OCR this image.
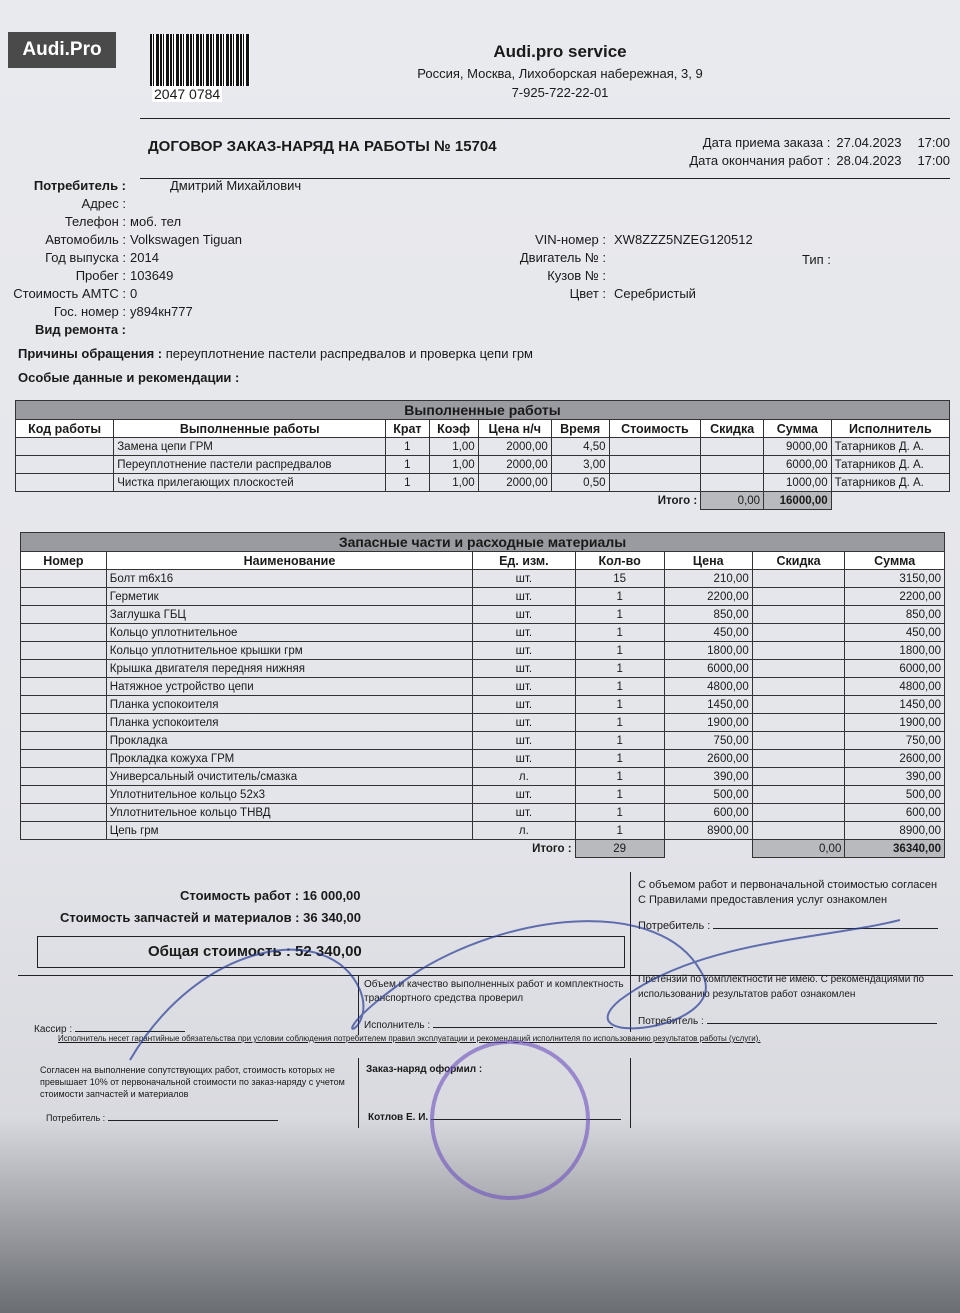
Audi.Pro
2047 0784
Audi.pro service
Россия, Москва, Лихоборская набережная, 3, 9
7-925-722-22-01
ДОГОВОР ЗАКАЗ-НАРЯД НА РАБОТЫ № 15704	Дата приема заказа : 27.04.2023 17:00
Дата окончания работ : 28.04.2023 17:00
Потребитель :	Дмитрий Михайлович
Адрес :
Телефон : моб. тел
Автомобиль : Volkswagen Tiguan
Год выпуска : 2014
Пробег : 103649
Стоимость АМТС : 0
Гос. номер : у894кн777
Вид ремонта :
VIN-номер : XW8ZZZ5NZEG120512
Двигатель № :
Кузов № :
Цвет : Серебристый
Тип :
Причины обращения : переуплотнение пастели распредвалов и проверка цепи грм
Особые данные и рекомендации :
Выполненные работы									
Код работы	Выполненные работы	Крат	Коэф	Цена н/ч	Время	Стоимость	Скидка	Сумма	Исполнитель
	Замена цепи ГРМ	1	1,00	2000,00	4,50			9000,00	Татарников Д. А.
	Переуплотнение пастели распредвалов	1	1,00	2000,00	3,00			6000,00	Татарников Д. А.
	Чистка прилегающих плоскостей	1	1,00	2000,00	0,50			1000,00	Татарников Д. А.
Итого :							0,00	16000,00	
Запасные части и расходные материалы						
Номер	Наименование	Ед. изм.	Кол-во	Цена	Скидка	Сумма
	Болт m6x16	шт.	15	210,00		3150,00
	Герметик	шт.	1	2200,00		2200,00
	Заглушка ГБЦ	шт.	1	850,00		850,00
	Кольцо уплотнительное	шт.	1	450,00		450,00
	Кольцо уплотнительное крышки грм	шт.	1	1800,00		1800,00
	Крышка двигателя передняя нижняя	шт.	1	6000,00		6000,00
	Натяжное устройство цепи	шт.	1	4800,00		4800,00
	Планка успокоителя	шт.	1	1450,00		1450,00
	Планка успокоителя	шт.	1	1900,00		1900,00
	Прокладка	шт.	1	750,00		750,00
	Прокладка кожуха ГРМ	шт.	1	2600,00		2600,00
	Универсальный очиститель/смазка	л.	1	390,00		390,00
	Уплотнительное кольцо 52x3	шт.	1	500,00		500,00
	Уплотнительное кольцо ТНВД	шт.	1	600,00		600,00
	Цепь грм	л.	1	8900,00		8900,00
Итого :			29		0,00	36340,00
Стоимость работ : 16 000,00
Стоимость запчастей и материалов : 36 340,00
Общая стоимость : 52 340,00
С объемом работ и первоначальной стоимостью согласен
С Правилами предоставления услуг ознакомлен
Потребитель :
Объем и качество выполненных работ и комплектность транспортного средства проверил
Претензий по комплектности не имею. С рекомендациями по использованию результатов работ ознакомлен
Кассир :	Исполнитель :	Потребитель :
Исполнитель несет гарантийные обязательства при условии соблюдения потребителем правил эксплуатации и рекомендаций исполнителя по использованию результатов работы (услуги).
Согласен на выполнение сопутствующих работ, стоимость которых не превышает 10% от первоначальной стоимости по заказ-наряду с учетом стоимости запчастей и материалов
Потребитель :
Заказ-наряд оформил :
Котлов Е. И.
